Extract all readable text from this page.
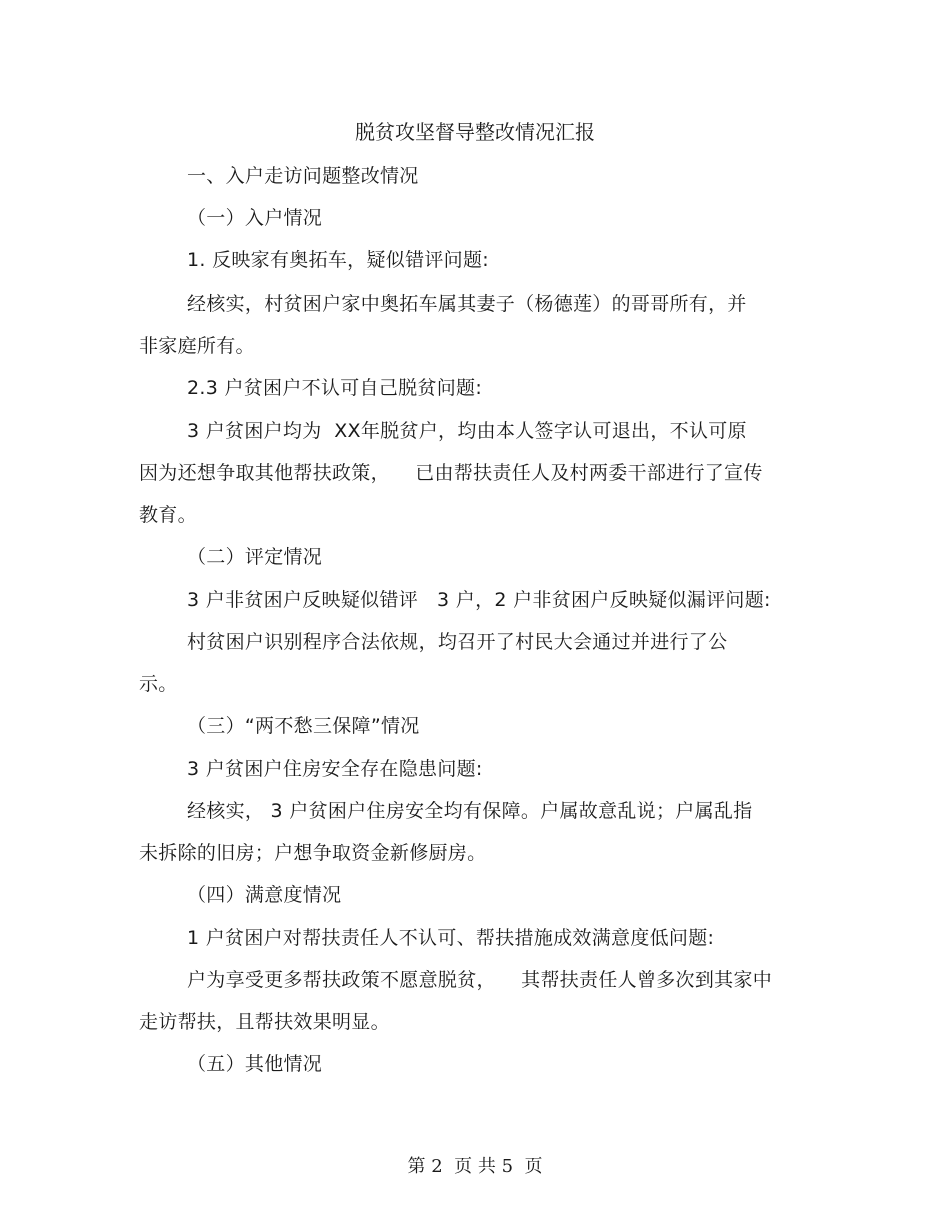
脱贫攻坚督导整改情况汇报
一、入户走访问题整改情况
（一）入户情况
1. 反映家有奥拓车，疑似错评问题:
经核实，村贫困户家中奥拓车属其妻子（杨德莲）的哥哥所有，并
非家庭所有。
2.3 户贫困户不认可自己脱贫问题:
3 户贫困户均为  XX年脱贫户，均由本人签字认可退出，不认可原
因为还想争取其他帮扶政策，    已由帮扶责任人及村两委干部进行了宣传
教育。
（二）评定情况
3 户非贫困户反映疑似错评   3 户，2 户非贫困户反映疑似漏评问题:
村贫困户识别程序合法依规，均召开了村民大会通过并进行了公
示。
（三）“两不愁三保障”情况
3 户贫困户住房安全存在隐患问题:
经核实， 3 户贫困户住房安全均有保障。户属故意乱说；户属乱指
未拆除的旧房；户想争取资金新修厨房。
（四）满意度情况
1 户贫困户对帮扶责任人不认可、帮扶措施成效满意度低问题:
户为享受更多帮扶政策不愿意脱贫，    其帮扶责任人曾多次到其家中
走访帮扶，且帮扶效果明显。
（五）其他情况
第 2  页 共 5  页
